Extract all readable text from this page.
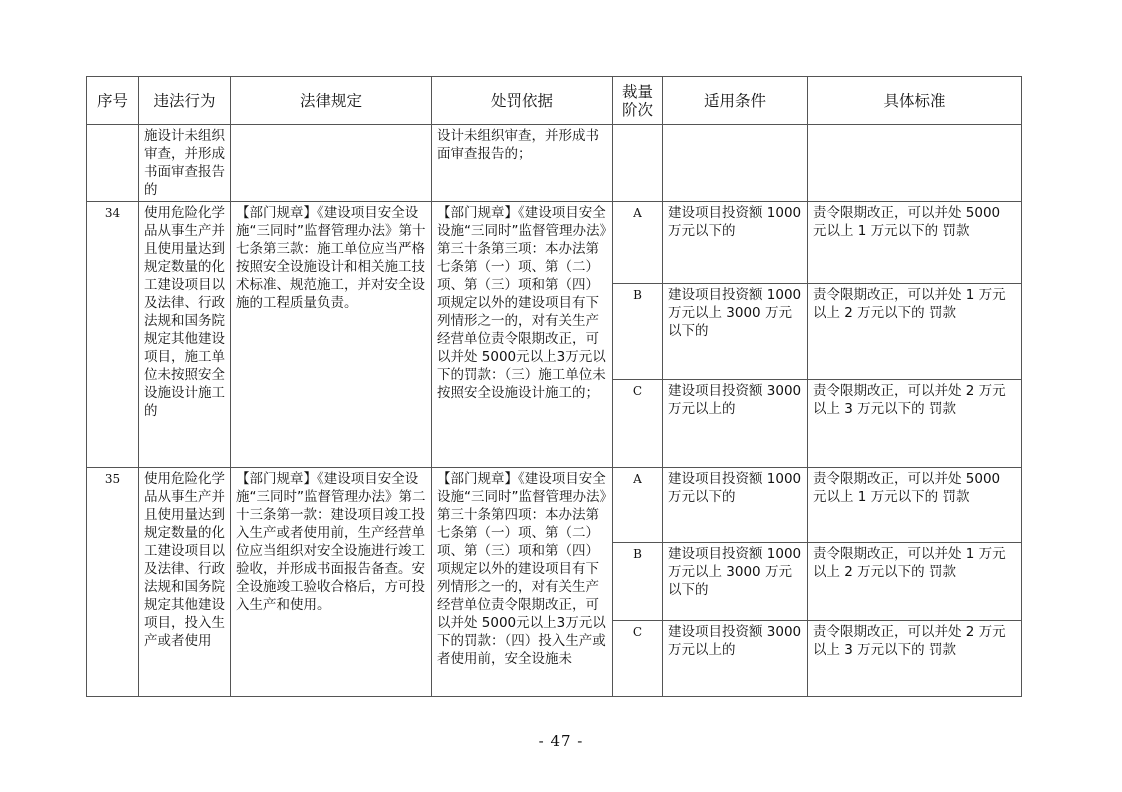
序号	违法行为	法律规定	处罚依据	裁量阶次	适用条件	具体标准
	施设计未组织审查，并形成书面审查报告的		设计未组织审查，并形成书面审查报告的；			
34	使用危险化学品从事生产并且使用量达到规定数量的化工建设项目以及法律、行政法规和国务院规定其他建设项目，施工单位未按照安全设施设计施工的	【部门规章】《建设项目安全设施“三同时”监督管理办法》第十七条第三款：施工单位应当严格按照安全设施设计和相关施工技术标准、规范施工，并对安全设施的工程质量负责。	【部门规章】《建设项目安全设施“三同时”监督管理办法》第三十条第三项：本办法第七条第（一）项、第（二）项、第（三）项和第（四）项规定以外的建设项目有下列情形之一的，对有关生产经营单位责令限期改正，可以并处 5000元以上3万元以下的罚款：（三）施工单位未按照安全设施设计施工的；	A	建设项目投资额 1000 万元以下的	责令限期改正，可以并处 5000 元以上 1 万元以下的 罚款
				B	建设项目投资额 1000 万元以上 3000 万元以下的	责令限期改正，可以并处 1 万元以上 2 万元以下的 罚款
				C	建设项目投资额 3000 万元以上的	责令限期改正，可以并处 2 万元以上 3 万元以下的 罚款
35	使用危险化学品从事生产并且使用量达到规定数量的化工建设项目以及法律、行政法规和国务院规定其他建设项目，投入生产或者使用	【部门规章】《建设项目安全设施“三同时”监督管理办法》第二十三条第一款：建设项目竣工投入生产或者使用前，生产经营单位应当组织对安全设施进行竣工验收，并形成书面报告备查。安全设施竣工验收合格后，方可投入生产和使用。	【部门规章】《建设项目安全设施“三同时”监督管理办法》第三十条第四项：本办法第七条第（一）项、第（二）项、第（三）项和第（四）项规定以外的建设项目有下列情形之一的，对有关生产经营单位责令限期改正，可以并处 5000元以上3万元以下的罚款：（四）投入生产或者使用前，安全设施未	A	建设项目投资额 1000 万元以下的	责令限期改正，可以并处 5000 元以上 1 万元以下的 罚款
				B	建设项目投资额 1000 万元以上 3000 万元以下的	责令限期改正，可以并处 1 万元以上 2 万元以下的 罚款
				C	建设项目投资额 3000 万元以上的	责令限期改正，可以并处 2 万元以上 3 万元以下的 罚款
- 47 -
